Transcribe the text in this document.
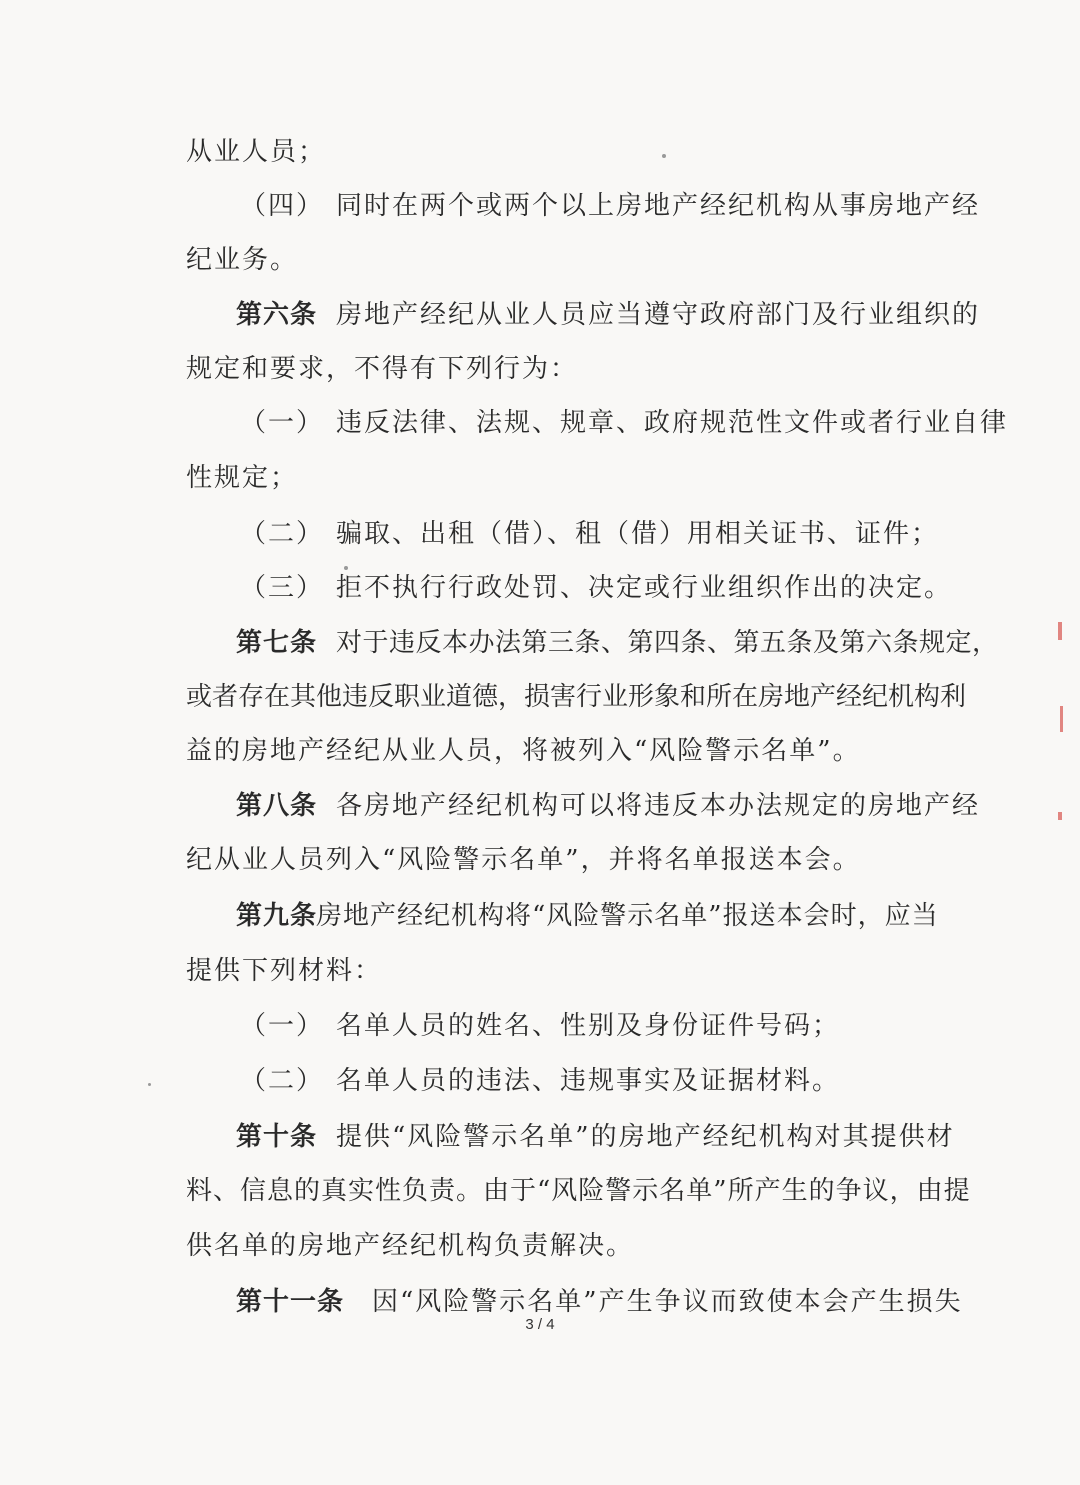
从业人员；
（四） 同时在两个或两个以上房地产经纪机构从事房地产经
纪业务。
第六条 房地产经纪从业人员应当遵守政府部门及行业组织的
规定和要求，不得有下列行为：
（一） 违反法律、法规、规章、政府规范性文件或者行业自律
性规定；
（二） 骗取、出租（借）、租（借）用相关证书、证件；
（三） 拒不执行行政处罚、决定或行业组织作出的决定。
第七条 对于违反本办法第三条、第四条、第五条及第六条规定，
或者存在其他违反职业道德，损害行业形象和所在房地产经纪机构利
益的房地产经纪从业人员，将被列入“风险警示名单”。
第八条 各房地产经纪机构可以将违反本办法规定的房地产经
纪从业人员列入“风险警示名单”，并将名单报送本会。
第九条
房地产经纪机构将“风险警示名单”报送本会时，应当
提供下列材料：
（一） 名单人员的姓名、性别及身份证件号码；
（二） 名单人员的违法、违规事实及证据材料。
第十条 提供“风险警示名单”的房地产经纪机构对其提供材
料、信息的真实性负责。由于“风险警示名单”所产生的争议，由提
供名单的房地产经纪机构负责解决。
第十一条 因“风险警示名单”产生争议而致使本会产生损失
3 / 4
